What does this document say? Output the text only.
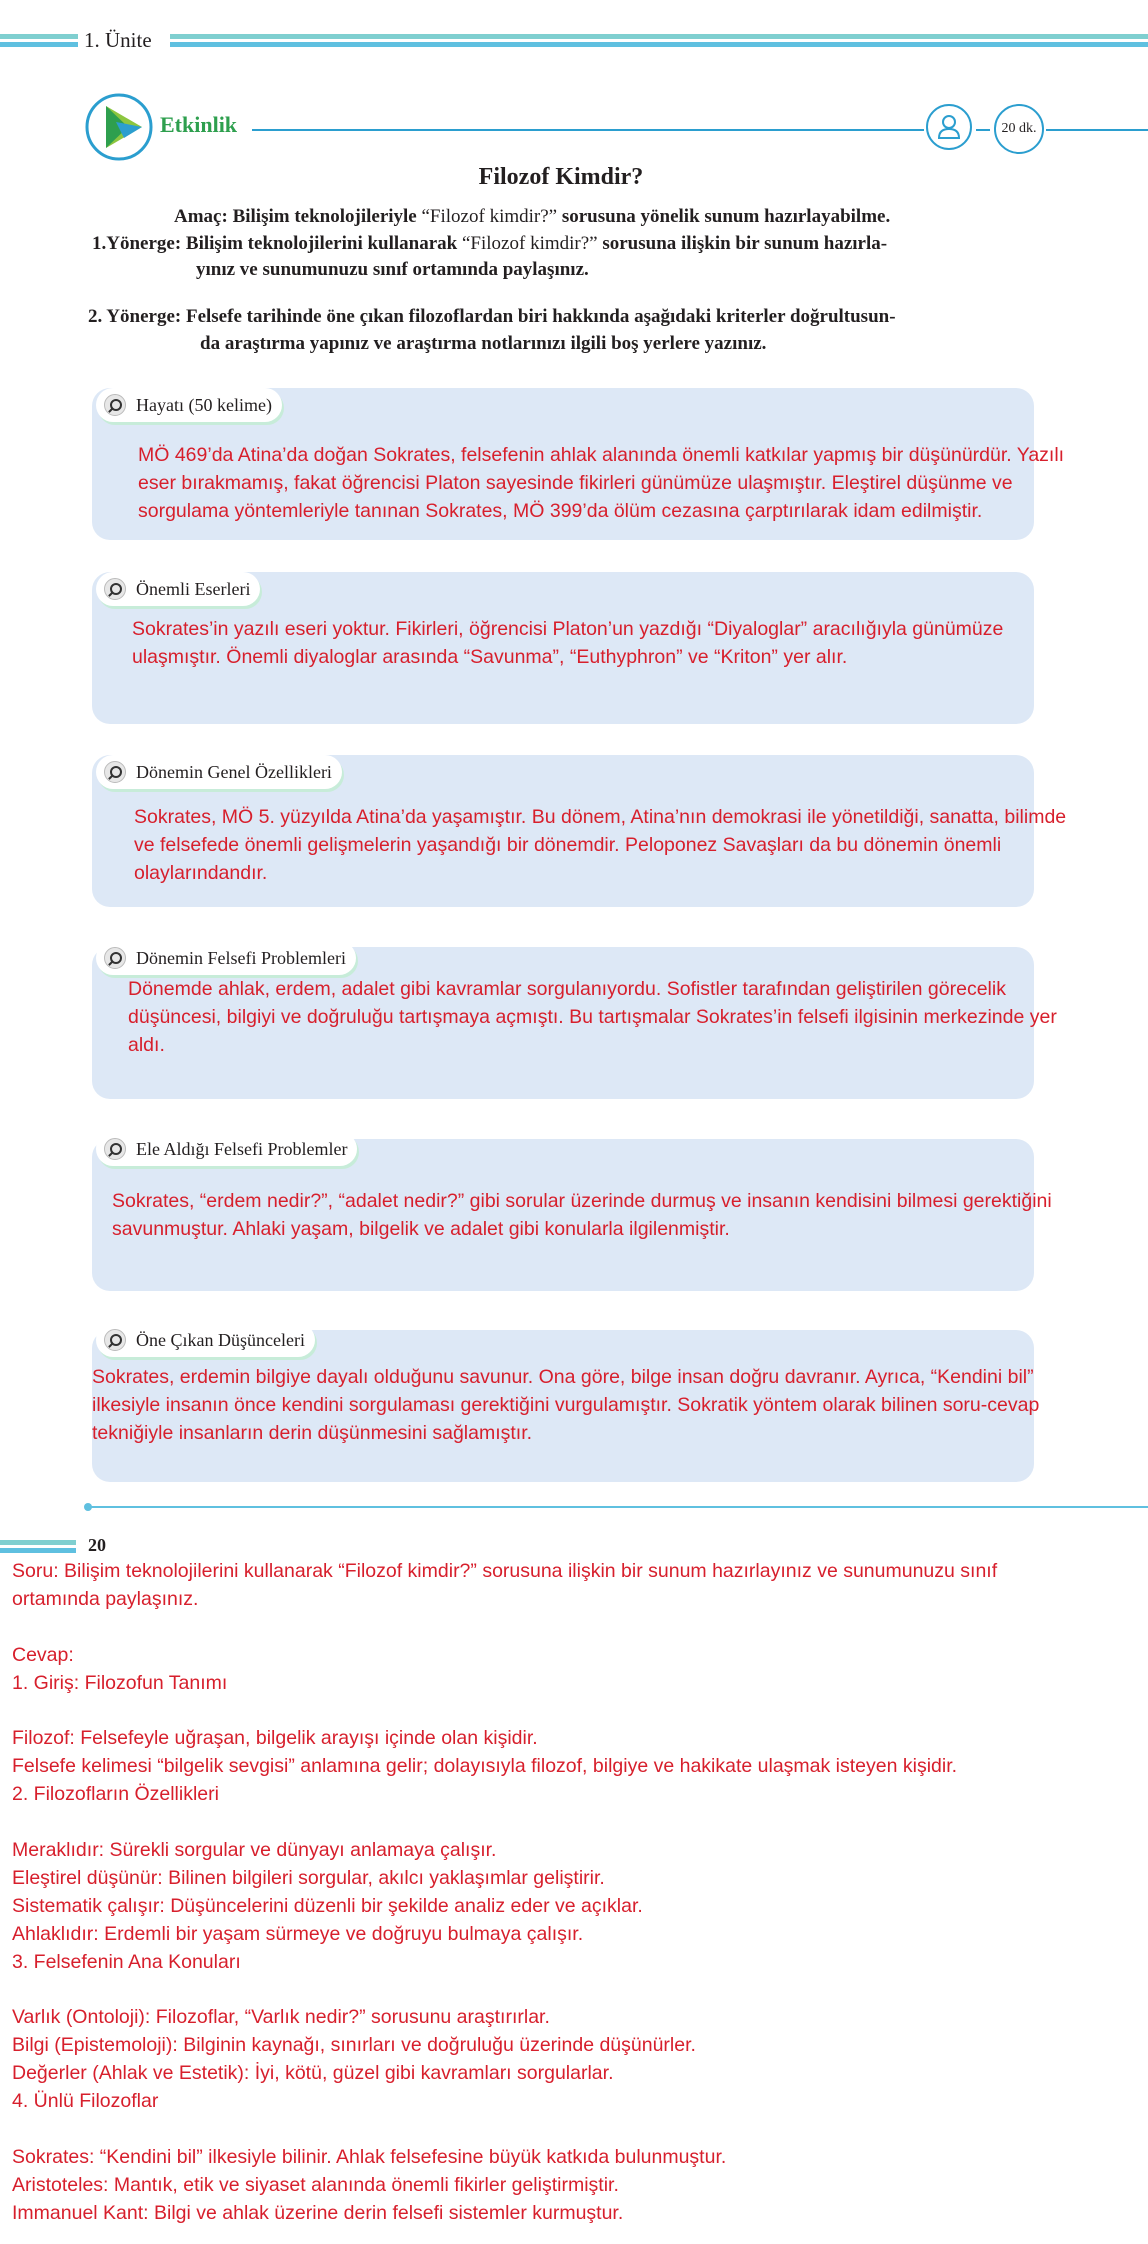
1. Ünite
Etkinlik	20 dk.
Filozof Kimdir?
Amaç: Bilişim teknolojileriyle “Filozof kimdir?” sorusuna yönelik sunum hazırlayabilme.
1.Yönerge: Bilişim teknolojilerini kullanarak “Filozof kimdir?” sorusuna ilişkin bir sunum hazırla-
yınız ve sunumunuzu sınıf ortamında paylaşınız.
2. Yönerge: Felsefe tarihinde öne çıkan filozoflardan biri hakkında aşağıdaki kriterler doğrultusun-
da araştırma yapınız ve araştırma notlarınızı ilgili boş yerlere yazınız.
Hayatı (50 kelime)
MÖ 469’da Atina’da doğan Sokrates, felsefenin ahlak alanında önemli katkılar yapmış bir düşünürdür. Yazılı
eser bırakmamış, fakat öğrencisi Platon sayesinde fikirleri günümüze ulaşmıştır. Eleştirel düşünme ve
sorgulama yöntemleriyle tanınan Sokrates, MÖ 399’da ölüm cezasına çarptırılarak idam edilmiştir.
Önemli Eserleri
Sokrates’in yazılı eseri yoktur. Fikirleri, öğrencisi Platon’un yazdığı “Diyaloglar” aracılığıyla günümüze
ulaşmıştır. Önemli diyaloglar arasında “Savunma”, “Euthyphron” ve “Kriton” yer alır.
Dönemin Genel Özellikleri
Sokrates, MÖ 5. yüzyılda Atina’da yaşamıştır. Bu dönem, Atina’nın demokrasi ile yönetildiği, sanatta, bilimde
ve felsefede önemli gelişmelerin yaşandığı bir dönemdir. Peloponez Savaşları da bu dönemin önemli
olaylarındandır.
Dönemin Felsefi Problemleri
Dönemde ahlak, erdem, adalet gibi kavramlar sorgulanıyordu. Sofistler tarafından geliştirilen görecelik
düşüncesi, bilgiyi ve doğruluğu tartışmaya açmıştı. Bu tartışmalar Sokrates’in felsefi ilgisinin merkezinde yer
aldı.
Ele Aldığı Felsefi Problemler
Sokrates, “erdem nedir?”, “adalet nedir?” gibi sorular üzerinde durmuş ve insanın kendisini bilmesi gerektiğini
savunmuştur. Ahlaki yaşam, bilgelik ve adalet gibi konularla ilgilenmiştir.
Öne Çıkan Düşünceleri
Sokrates, erdemin bilgiye dayalı olduğunu savunur. Ona göre, bilge insan doğru davranır. Ayrıca, “Kendini bil”
ilkesiyle insanın önce kendini sorgulaması gerektiğini vurgulamıştır. Sokratik yöntem olarak bilinen soru-cevap
tekniğiyle insanların derin düşünmesini sağlamıştır.
20
Soru: Bilişim teknolojilerini kullanarak “Filozof kimdir?” sorusuna ilişkin bir sunum hazırlayınız ve sunumunuzu sınıf
ortamında paylaşınız.
Cevap:
1. Giriş: Filozofun Tanımı
Filozof: Felsefeyle uğraşan, bilgelik arayışı içinde olan kişidir.
Felsefe kelimesi “bilgelik sevgisi” anlamına gelir; dolayısıyla filozof, bilgiye ve hakikate ulaşmak isteyen kişidir.
2. Filozofların Özellikleri
Meraklıdır: Sürekli sorgular ve dünyayı anlamaya çalışır.
Eleştirel düşünür: Bilinen bilgileri sorgular, akılcı yaklaşımlar geliştirir.
Sistematik çalışır: Düşüncelerini düzenli bir şekilde analiz eder ve açıklar.
Ahlaklıdır: Erdemli bir yaşam sürmeye ve doğruyu bulmaya çalışır.
3. Felsefenin Ana Konuları
Varlık (Ontoloji): Filozoflar, “Varlık nedir?” sorusunu araştırırlar.
Bilgi (Epistemoloji): Bilginin kaynağı, sınırları ve doğruluğu üzerinde düşünürler.
Değerler (Ahlak ve Estetik): İyi, kötü, güzel gibi kavramları sorgularlar.
4. Ünlü Filozoflar
Sokrates: “Kendini bil” ilkesiyle bilinir. Ahlak felsefesine büyük katkıda bulunmuştur.
Aristoteles: Mantık, etik ve siyaset alanında önemli fikirler geliştirmiştir.
Immanuel Kant: Bilgi ve ahlak üzerine derin felsefi sistemler kurmuştur.
